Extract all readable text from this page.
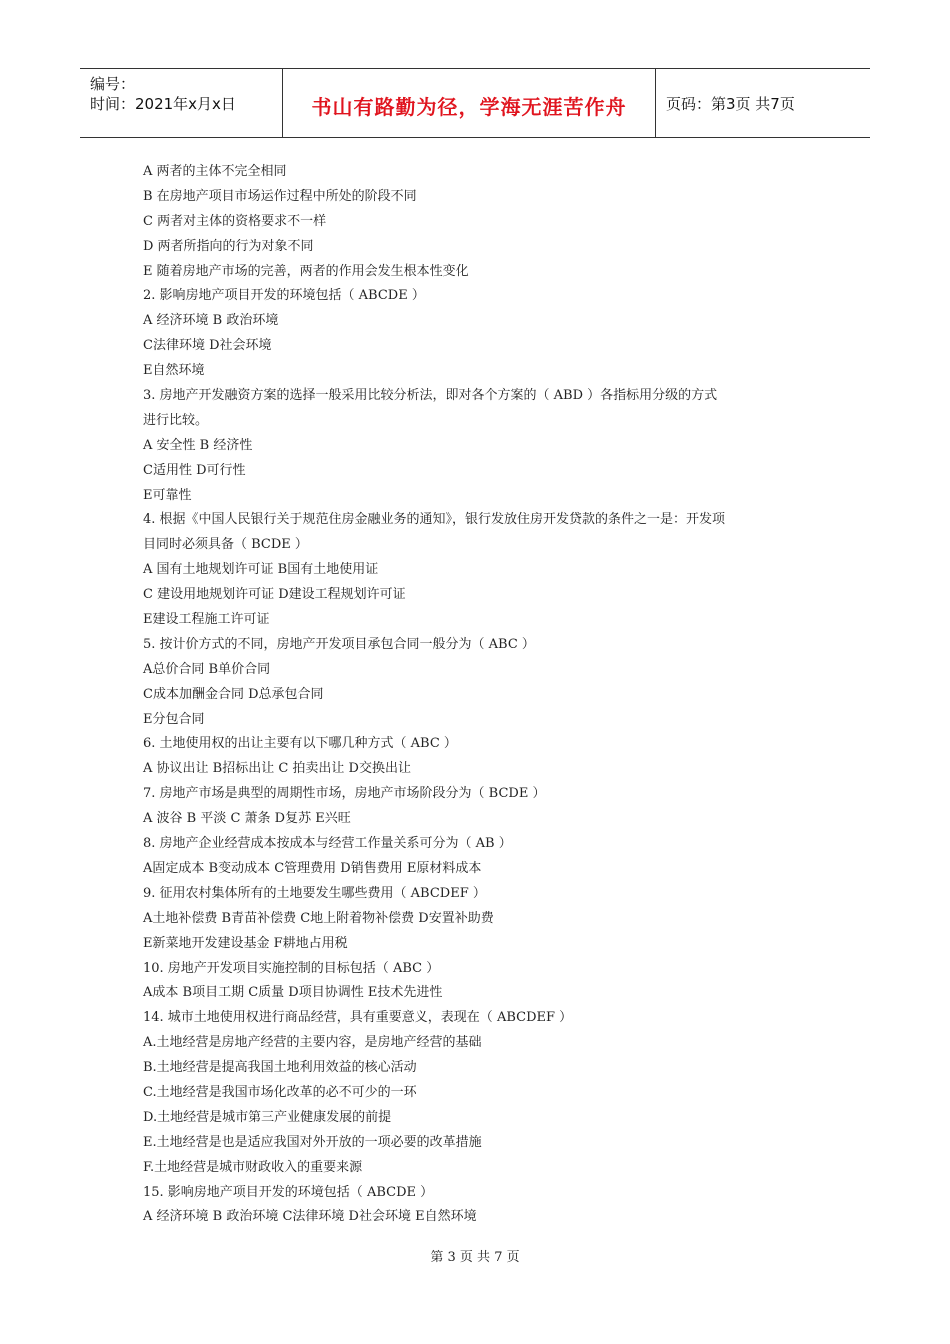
编号：
时间：2021年x月x日	书山有路勤为径，学海无涯苦作舟	页码：第3页 共7页
A 两者的主体不完全相同
B 在房地产项目市场运作过程中所处的阶段不同
C 两者对主体的资格要求不一样
D 两者所指向的行为对象不同
E 随着房地产市场的完善，两者的作用会发生根本性变化
2. 影响房地产项目开发的环境包括（ ABCDE ）
A 经济环境 B 政治环境
C法律环境 D社会环境
E自然环境
3. 房地产开发融资方案的选择一般采用比较分析法，即对各个方案的（ ABD ）各指标用分级的方式
进行比较。
A 安全性 B 经济性
C适用性 D可行性
E可靠性
4. 根据《中国人民银行关于规范住房金融业务的通知》，银行发放住房开发贷款的条件之一是：开发项
目同时必须具备（ BCDE ）
A 国有土地规划许可证 B国有土地使用证
C 建设用地规划许可证 D建设工程规划许可证
E建设工程施工许可证
5. 按计价方式的不同，房地产开发项目承包合同一般分为（ ABC ）
A总价合同 B单价合同
C成本加酬金合同 D总承包合同
E分包合同
6. 土地使用权的出让主要有以下哪几种方式（ ABC ）
A 协议出让 B招标出让 C 拍卖出让 D交换出让
7. 房地产市场是典型的周期性市场，房地产市场阶段分为（ BCDE ）
A 波谷 B 平淡 C 萧条 D复苏 E兴旺
8. 房地产企业经营成本按成本与经营工作量关系可分为（ AB ）
A固定成本 B变动成本 C管理费用 D销售费用 E原材料成本
9. 征用农村集体所有的土地要发生哪些费用（ ABCDEF ）
A土地补偿费 B青苗补偿费 C地上附着物补偿费 D安置补助费
E新菜地开发建设基金 F耕地占用税
10. 房地产开发项目实施控制的目标包括（ ABC ）
A成本 B项目工期 C质量 D项目协调性 E技术先进性
14. 城市土地使用权进行商品经营，具有重要意义，表现在（ ABCDEF ）
A.土地经营是房地产经营的主要内容，是房地产经营的基础
B.土地经营是提高我国土地利用效益的核心活动
C.土地经营是我国市场化改革的必不可少的一环
D.土地经营是城市第三产业健康发展的前提
E.土地经营是也是适应我国对外开放的一项必要的改革措施
F.土地经营是城市财政收入的重要来源
15. 影响房地产项目开发的环境包括（ ABCDE ）
A 经济环境 B 政治环境 C法律环境 D社会环境 E自然环境
第 3 页 共 7 页
